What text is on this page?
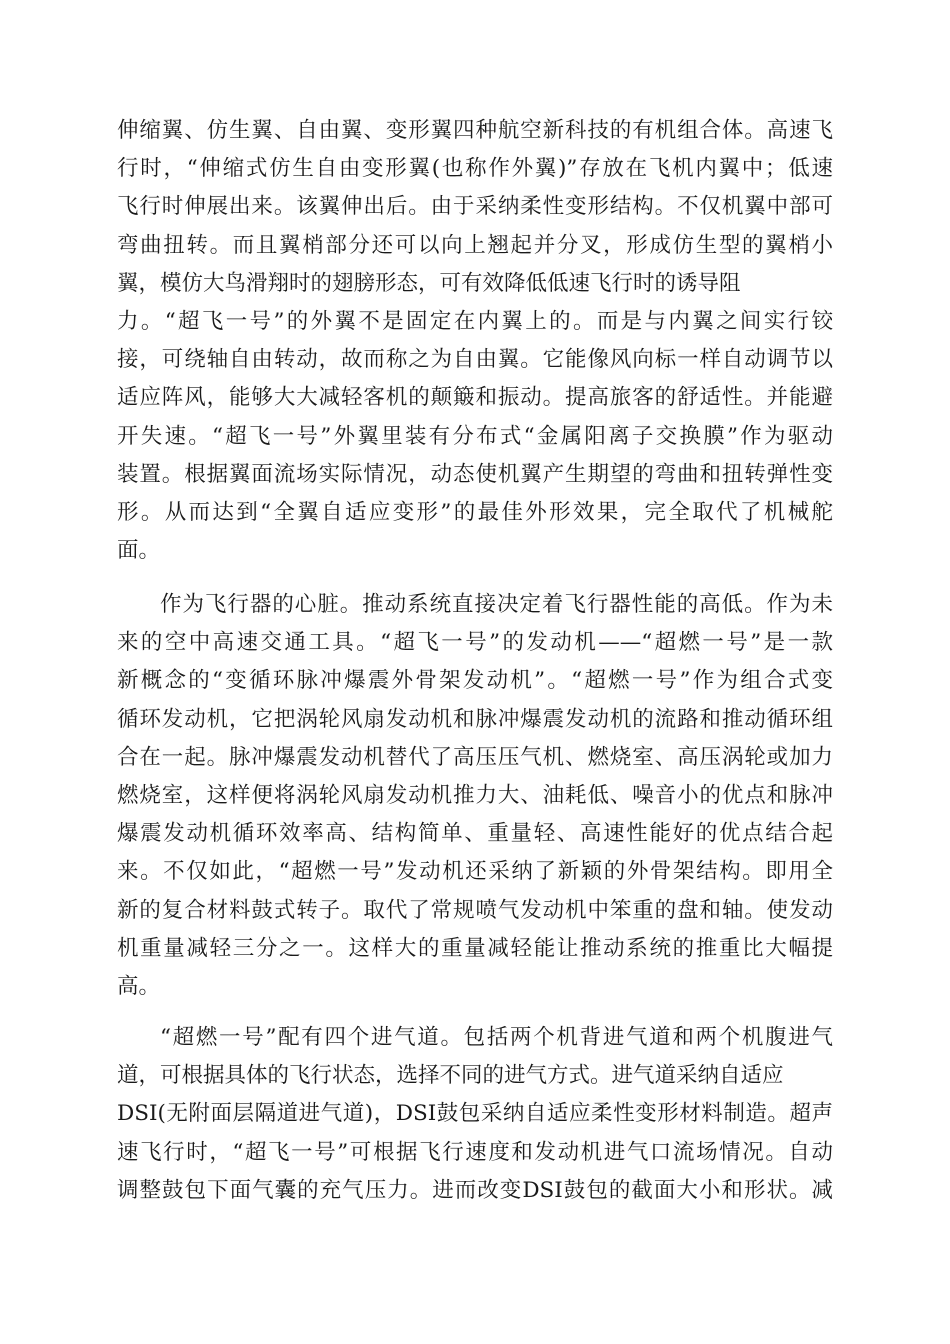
伸缩翼、仿生翼、自由翼、变形翼四种航空新科技的有机组合体。高速飞
行时，“伸缩式仿生自由变形翼(也称作外翼)”存放在飞机内翼中；低速
飞行时伸展出来。该翼伸出后。由于采纳柔性变形结构。不仅机翼中部可
弯曲扭转。而且翼梢部分还可以向上翘起并分叉，形成仿生型的翼梢小
翼，模仿大鸟滑翔时的翅膀形态，可有效降低低速飞行时的诱导阻
力。“超飞一号”的外翼不是固定在内翼上的。而是与内翼之间实行铰
接，可绕轴自由转动，故而称之为自由翼。它能像风向标一样自动调节以
适应阵风，能够大大减轻客机的颠簸和振动。提高旅客的舒适性。并能避
开失速。“超飞一号”外翼里装有分布式“金属阳离子交换膜”作为驱动
装置。根据翼面流场实际情况，动态使机翼产生期望的弯曲和扭转弹性变
形。从而达到“全翼自适应变形”的最佳外形效果，完全取代了机械舵
面。
作为飞行器的心脏。推动系统直接决定着飞行器性能的高低。作为未
来的空中高速交通工具。“超飞一号”的发动机——“超燃一号”是一款
新概念的“变循环脉冲爆震外骨架发动机”。“超燃一号”作为组合式变
循环发动机，它把涡轮风扇发动机和脉冲爆震发动机的流路和推动循环组
合在一起。脉冲爆震发动机替代了高压压气机、燃烧室、高压涡轮或加力
燃烧室，这样便将涡轮风扇发动机推力大、油耗低、噪音小的优点和脉冲
爆震发动机循环效率高、结构简单、重量轻、高速性能好的优点结合起
来。不仅如此，“超燃一号”发动机还采纳了新颖的外骨架结构。即用全
新的复合材料鼓式转子。取代了常规喷气发动机中笨重的盘和轴。使发动
机重量减轻三分之一。这样大的重量减轻能让推动系统的推重比大幅提
高。
“超燃一号”配有四个进气道。包括两个机背进气道和两个机腹进气
道，可根据具体的飞行状态，选择不同的进气方式。进气道采纳自适应
DSI(无附面层隔道进气道)，DSI鼓包采纳自适应柔性变形材料制造。超声
速飞行时，“超飞一号”可根据飞行速度和发动机进气口流场情况。自动
调整鼓包下面气囊的充气压力。进而改变DSI鼓包的截面大小和形状。减
